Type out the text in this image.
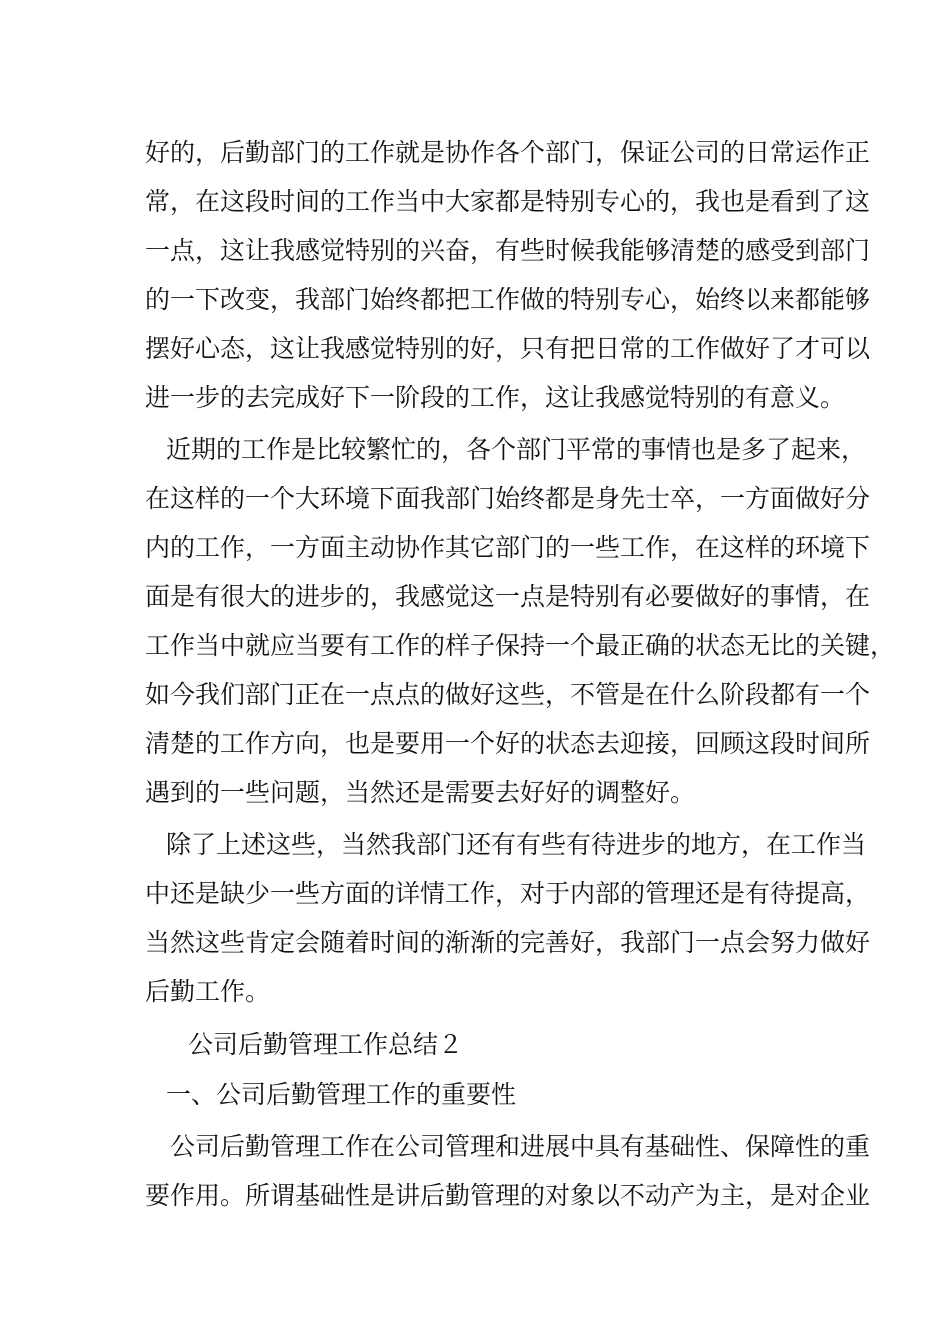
好的，后勤部门的工作就是协作各个部门，保证公司的日常运作正
常，在这段时间的工作当中大家都是特别专心的，我也是看到了这
一点，这让我感觉特别的兴奋，有些时候我能够清楚的感受到部门
的一下改变，我部门始终都把工作做的特别专心，始终以来都能够
摆好心态，这让我感觉特别的好，只有把日常的工作做好了才可以
进一步的去完成好下一阶段的工作，这让我感觉特别的有意义。
近期的工作是比较繁忙的，各个部门平常的事情也是多了起来，
在这样的一个大环境下面我部门始终都是身先士卒，一方面做好分
内的工作，一方面主动协作其它部门的一些工作，在这样的环境下
面是有很大的进步的，我感觉这一点是特别有必要做好的事情，在
工作当中就应当要有工作的样子保持一个最正确的状态无比的关键，
如今我们部门正在一点点的做好这些，不管是在什么阶段都有一个
清楚的工作方向，也是要用一个好的状态去迎接，回顾这段时间所
遇到的一些问题，当然还是需要去好好的调整好。
除了上述这些，当然我部门还有有些有待进步的地方，在工作当
中还是缺少一些方面的详情工作，对于内部的管理还是有待提高，
当然这些肯定会随着时间的渐渐的完善好，我部门一点会努力做好
后勤工作。
公司后勤管理工作总结２
一、公司后勤管理工作的重要性
公司后勤管理工作在公司管理和进展中具有基础性、保障性的重
要作用。所谓基础性是讲后勤管理的对象以不动产为主，是对企业
